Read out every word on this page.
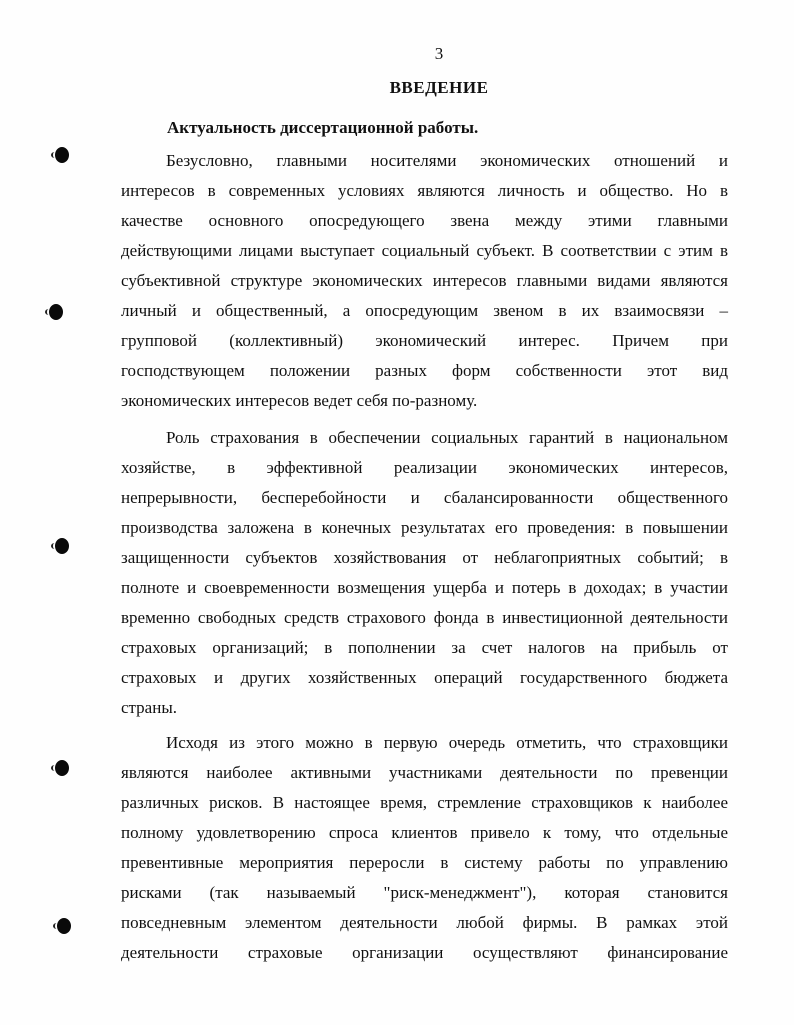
3
ВВЕДЕНИЕ
Актуальность диссертационной работы.
Безусловно, главными носителями экономических отношений и
интересов в современных условиях являются личность и общество. Но в
качестве основного опосредующего звена между этими главными
действующими лицами выступает социальный субъект. В соответствии с этим в
субъективной структуре экономических интересов главными видами являются
личный и общественный, а опосредующим звеном в их взаимосвязи –
групповой (коллективный) экономический интерес. Причем при
господствующем положении разных форм собственности этот вид
экономических интересов ведет себя по-разному.
Роль страхования в обеспечении социальных гарантий в национальном
хозяйстве, в эффективной реализации экономических интересов,
непрерывности, бесперебойности и сбалансированности общественного
производства заложена в конечных результатах его проведения: в повышении
защищенности субъектов хозяйствования от неблагоприятных событий; в
полноте и своевременности возмещения ущерба и потерь в доходах; в участии
временно свободных средств страхового фонда в инвестиционной деятельности
страховых организаций; в пополнении за счет налогов на прибыль от
страховых и других хозяйственных операций государственного бюджета
страны.
Исходя из этого можно в первую очередь отметить, что страховщики
являются наиболее активными участниками деятельности по превенции
различных рисков. В настоящее время, стремление страховщиков к наиболее
полному удовлетворению спроса клиентов привело к тому, что отдельные
превентивные мероприятия переросли в систему работы по управлению
рисками (так называемый "риск-менеджмент"), которая становится
повседневным элементом деятельности любой фирмы. В рамках этой
деятельности страховые организации осуществляют финансирование
